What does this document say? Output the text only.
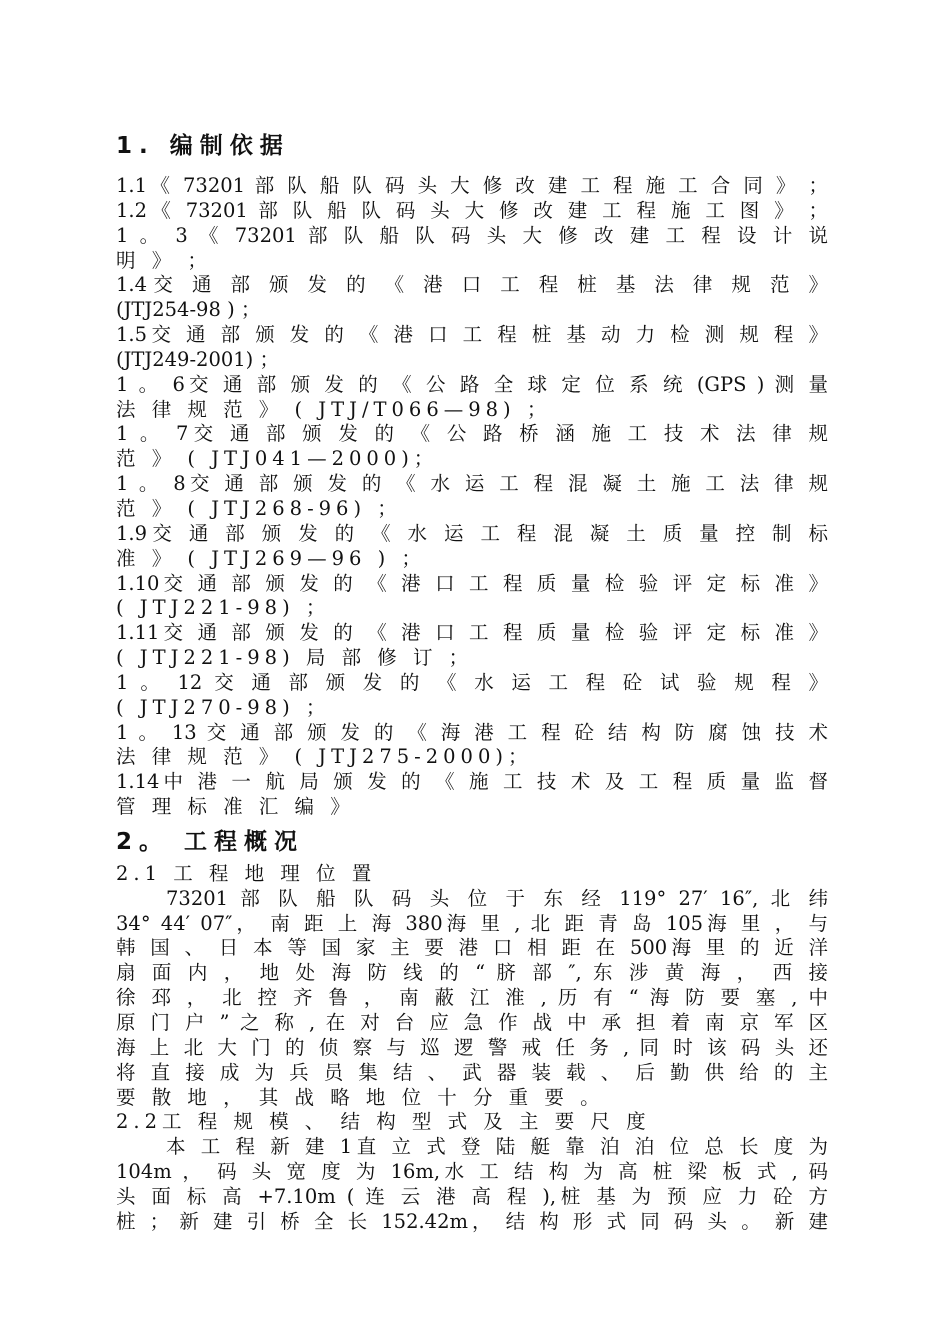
1. 编制依据

1.1《 73201 部 队 船 队 码 头 大 修 改 建 工 程 施 工 合 同 》 ；

1.2《 73201 部 队 船 队 码 头 大 修 改 建 工 程 施 工 图 》 ；

1 。 3 《 73201 部 队 船 队 码 头 大 修 改 建 工 程 设 计 说

明 》 ；

1.4交 通 部 颁 发 的 《 港 口 工 程 桩 基 法 律 规 范 》

(JTJ254-98 ) ；

1.5交 通 部 颁 发 的 《 港 口 工 程 桩 基 动 力 检 测 规 程 》

(JTJ249-2001) ；

1 。 6交 通 部 颁 发 的 《 公 路 全 球 定 位 系 统 (GPS ) 测 量

法 律 规 范 》 ( JTJ/T066—98) ；

1 。 7交 通 部 颁 发 的 《 公 路 桥 涵 施 工 技 术 法 律 规

范 》 ( JTJ041—2000)；

1 。 8交 通 部 颁 发 的 《 水 运 工 程 混 凝 土 施 工 法 律 规

范 》 ( JTJ268-96) ；

1.9交 通 部 颁 发 的 《 水 运 工 程 混 凝 土 质 量 控 制 标

准 》 ( JTJ269—96 ) ；

1.10交 通 部 颁 发 的 《 港 口 工 程 质 量 检 验 评 定 标 准 》

( JTJ221-98) ；

1.11交 通 部 颁 发 的 《 港 口 工 程 质 量 检 验 评 定 标 准 》

( JTJ221-98) 局 部 修 订 ；

1 。 12 交 通 部 颁 发 的 《 水 运 工 程 砼 试 验 规 程 》

( JTJ270-98) ；

1 。 13 交 通 部 颁 发 的 《 海 港 工 程 砼 结 构 防 腐 蚀 技 术

法 律 规 范 》 ( JTJ275-2000)；

1.14中 港 一 航 局 颁 发 的 《 施 工 技 术 及 工 程 质 量 监 督

管 理 标 准 汇 编 》

2。 工程概况

2.1 工 程 地 理 位 置

73201 部 队 船 队 码 头 位 于 东 经 119° 27′ 16″, 北 纬

34° 44′ 07″， 南 距 上 海 380海 里 , 北 距 青 岛 105海 里 ， 与

韩 国 、 日 本 等 国 家 主 要 港 口 相 距 在 500海 里 的 近 洋

扇 面 内 ， 地 处 海 防 线 的 “ 脐 部 ″, 东 涉 黄 海 ， 西 接

徐 邳 ， 北 控 齐 鲁 ， 南 蔽 江 淮 , 历 有 “ 海 防 要 塞 , 中

原 门 户 ” 之 称 , 在 对 台 应 急 作 战 中 承 担 着 南 京 军 区

海 上 北 大 门 的 侦 察 与 巡 逻 警 戒 任 务 , 同 时 该 码 头 还

将 直 接 成 为 兵 员 集 结 、 武 器 装 载 、 后 勤 供 给 的 主

要 散 地 ， 其 战 略 地 位 十 分 重 要 。

2.2工 程 规 模 、 结 构 型 式 及 主 要 尺 度

本 工 程 新 建 1直 立 式 登 陆 艇 靠 泊 泊 位 总 长 度 为

104m ， 码 头 宽 度 为 16m,水 工 结 构 为 高 桩 梁 板 式 , 码

头 面 标 高 +7.10m ( 连 云 港 高 程 ),桩 基 为 预 应 力 砼 方

桩 ； 新 建 引 桥 全 长 152.42m， 结 构 形 式 同 码 头 。 新 建
